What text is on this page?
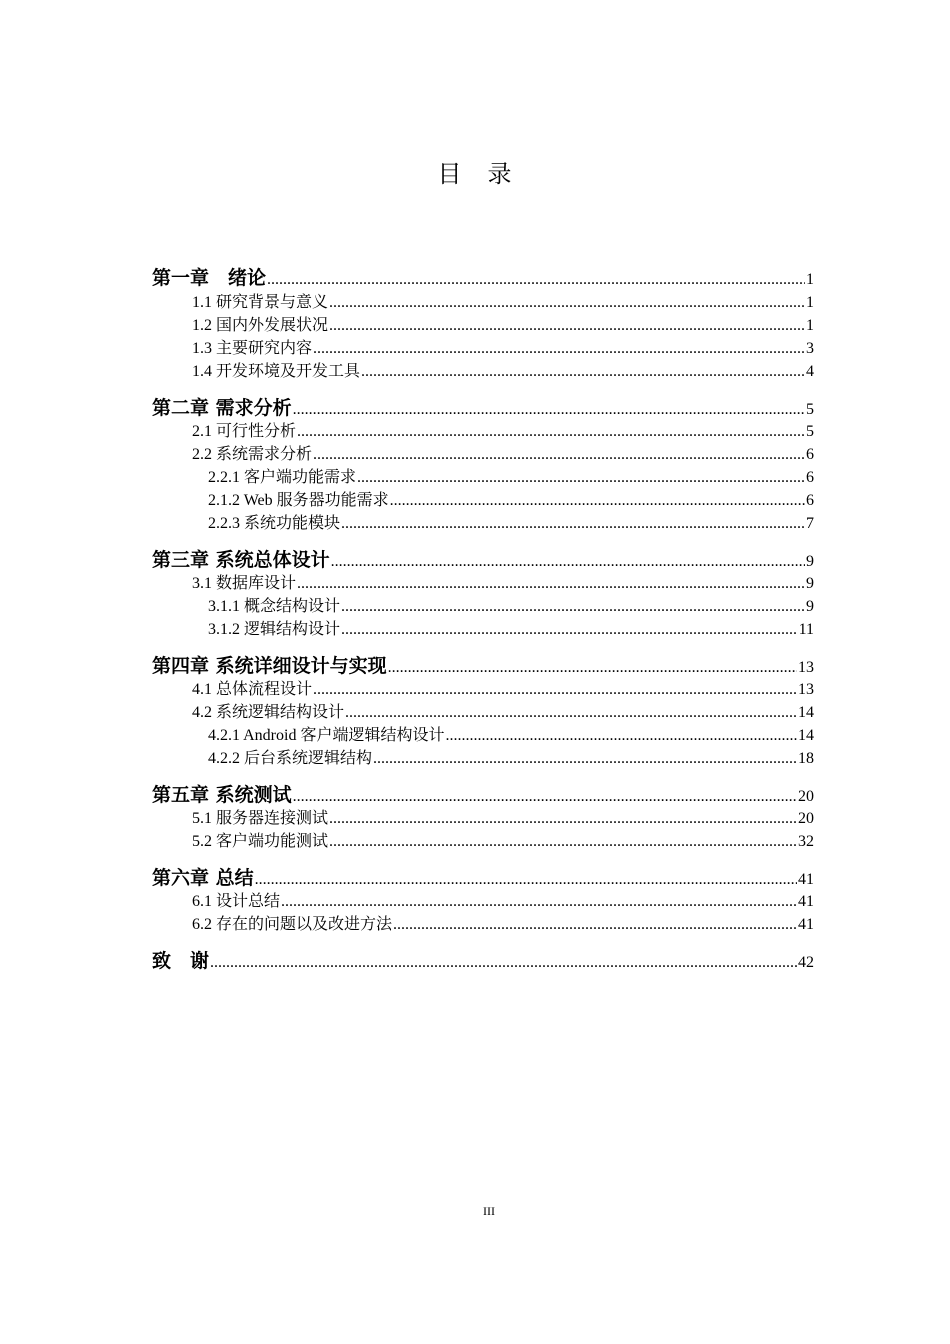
目　录
第一章　绪论 .....	1
1.1 研究背景与意义 .....	1
1.2 国内外发展状况 .....	1
1.3 主要研究内容 .....	3
1.4 开发环境及开发工具 .....	4
第二章 需求分析 .....	5
2.1 可行性分析 .....	5
2.2 系统需求分析 .....	6
2.2.1 客户端功能需求 .....	6
2.1.2 Web 服务器功能需求 .....	6
2.2.3 系统功能模块 .....	7
第三章 系统总体设计 .....	9
3.1 数据库设计 .....	9
3.1.1 概念结构设计 .....	9
3.1.2 逻辑结构设计 .....	11
第四章 系统详细设计与实现 .....	13
4.1 总体流程设计 .....	13
4.2 系统逻辑结构设计 .....	14
4.2.1 Android 客户端逻辑结构设计 .....	14
4.2.2 后台系统逻辑结构 .....	18
第五章 系统测试 .....	20
5.1 服务器连接测试 .....	20
5.2 客户端功能测试 .....	32
第六章 总结 .....	41
6.1 设计总结 .....	41
6.2 存在的问题以及改进方法 .....	41
致　谢 .....	42
III
